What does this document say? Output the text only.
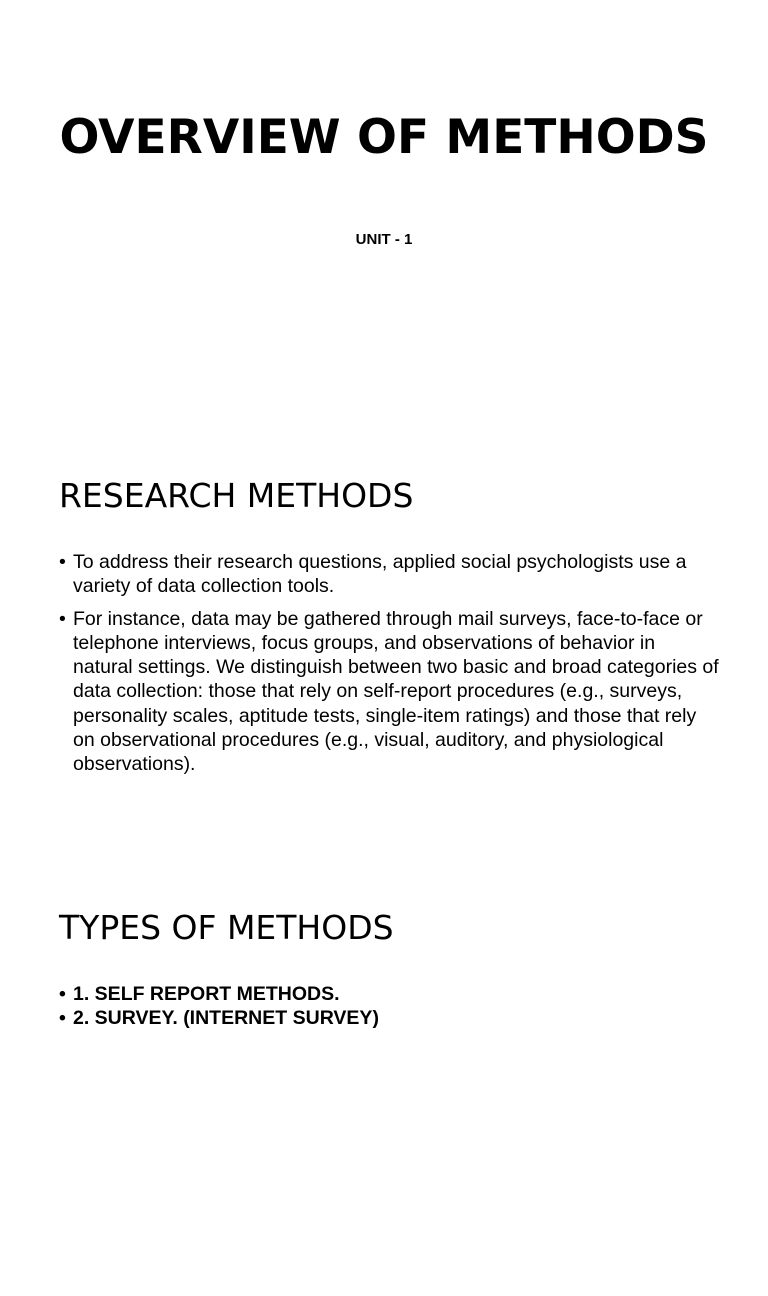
OVERVIEW OF METHODS

UNIT - 1

RESEARCH METHODS
• To address their research questions, applied social psychologists use a variety of data collection tools.
• For instance, data may be gathered through mail surveys, face-to-face or telephone interviews, focus groups, and observations of behavior in natural settings. We distinguish between two basic and broad categories of data collection: those that rely on self-report procedures (e.g., surveys, personality scales, aptitude tests, single-item ratings) and those that rely on observational procedures (e.g., visual, auditory, and physiological observations).
TYPES OF METHODS
• 1. SELF REPORT METHODS.
• 2. SURVEY. (INTERNET SURVEY)
